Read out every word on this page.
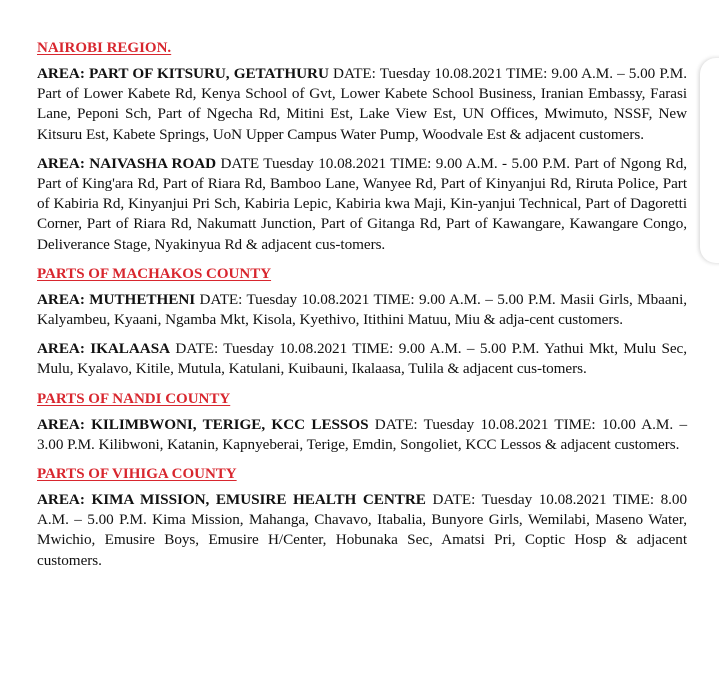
NAIROBI REGION.

AREA: PART OF KITSURU, GETATHURU DATE: Tuesday 10.08.2021 TIME: 9.00 A.M. – 5.00 P.M. Part of Lower Kabete Rd, Kenya School of Gvt, Lower Kabete School Business, Iranian Embassy, Farasi Lane, Peponi Sch, Part of Ngecha Rd, Mitini Est, Lake View Est, UN Offices, Mwimuto, NSSF, New Kitsuru Est, Kabete Springs, UoN Upper Campus Water Pump, Woodvale Est & adjacent customers.

AREA: NAIVASHA ROAD DATE Tuesday 10.08.2021 TIME: 9.00 A.M. - 5.00 P.M. Part of Ngong Rd, Part of King'ara Rd, Part of Riara Rd, Bamboo Lane, Wanyee Rd, Part of Kinyanjui Rd, Riruta Police, Part of Kabiria Rd, Kinyanjui Pri Sch, Kabiria Lepic, Kabiria kwa Maji, Kin-yanjui Technical, Part of Dagoretti Corner, Part of Riara Rd, Nakumatt Junction, Part of Gitanga Rd, Part of Kawangare, Kawangare Congo, Deliverance Stage, Nyakinyua Rd & adjacent cus-tomers.

PARTS OF MACHAKOS COUNTY

AREA: MUTHETHENI DATE: Tuesday 10.08.2021 TIME: 9.00 A.M. – 5.00 P.M. Masii Girls, Mbaani, Kalyambeu, Kyaani, Ngamba Mkt, Kisola, Kyethivo, Itithini Matuu, Miu & adja-cent customers.

AREA: IKALAASA DATE: Tuesday 10.08.2021 TIME: 9.00 A.M. – 5.00 P.M. Yathui Mkt, Mulu Sec, Mulu, Kyalavo, Kitile, Mutula, Katulani, Kuibauni, Ikalaasa, Tulila & adjacent cus-tomers.

PARTS OF NANDI COUNTY

AREA: KILIMBWONI, TERIGE, KCC LESSOS DATE: Tuesday 10.08.2021 TIME: 10.00 A.M. – 3.00 P.M. Kilibwoni, Katanin, Kapnyeberai, Terige, Emdin, Songoliet, KCC Lessos & adjacent customers.

PARTS OF VIHIGA COUNTY

AREA: KIMA MISSION, EMUSIRE HEALTH CENTRE DATE: Tuesday 10.08.2021 TIME: 8.00 A.M. – 5.00 P.M. Kima Mission, Mahanga, Chavavo, Itabalia, Bunyore Girls, Wemilabi, Maseno Water, Mwichio, Emusire Boys, Emusire H/Center, Hobunaka Sec, Amatsi Pri, Coptic Hosp & adjacent customers.
